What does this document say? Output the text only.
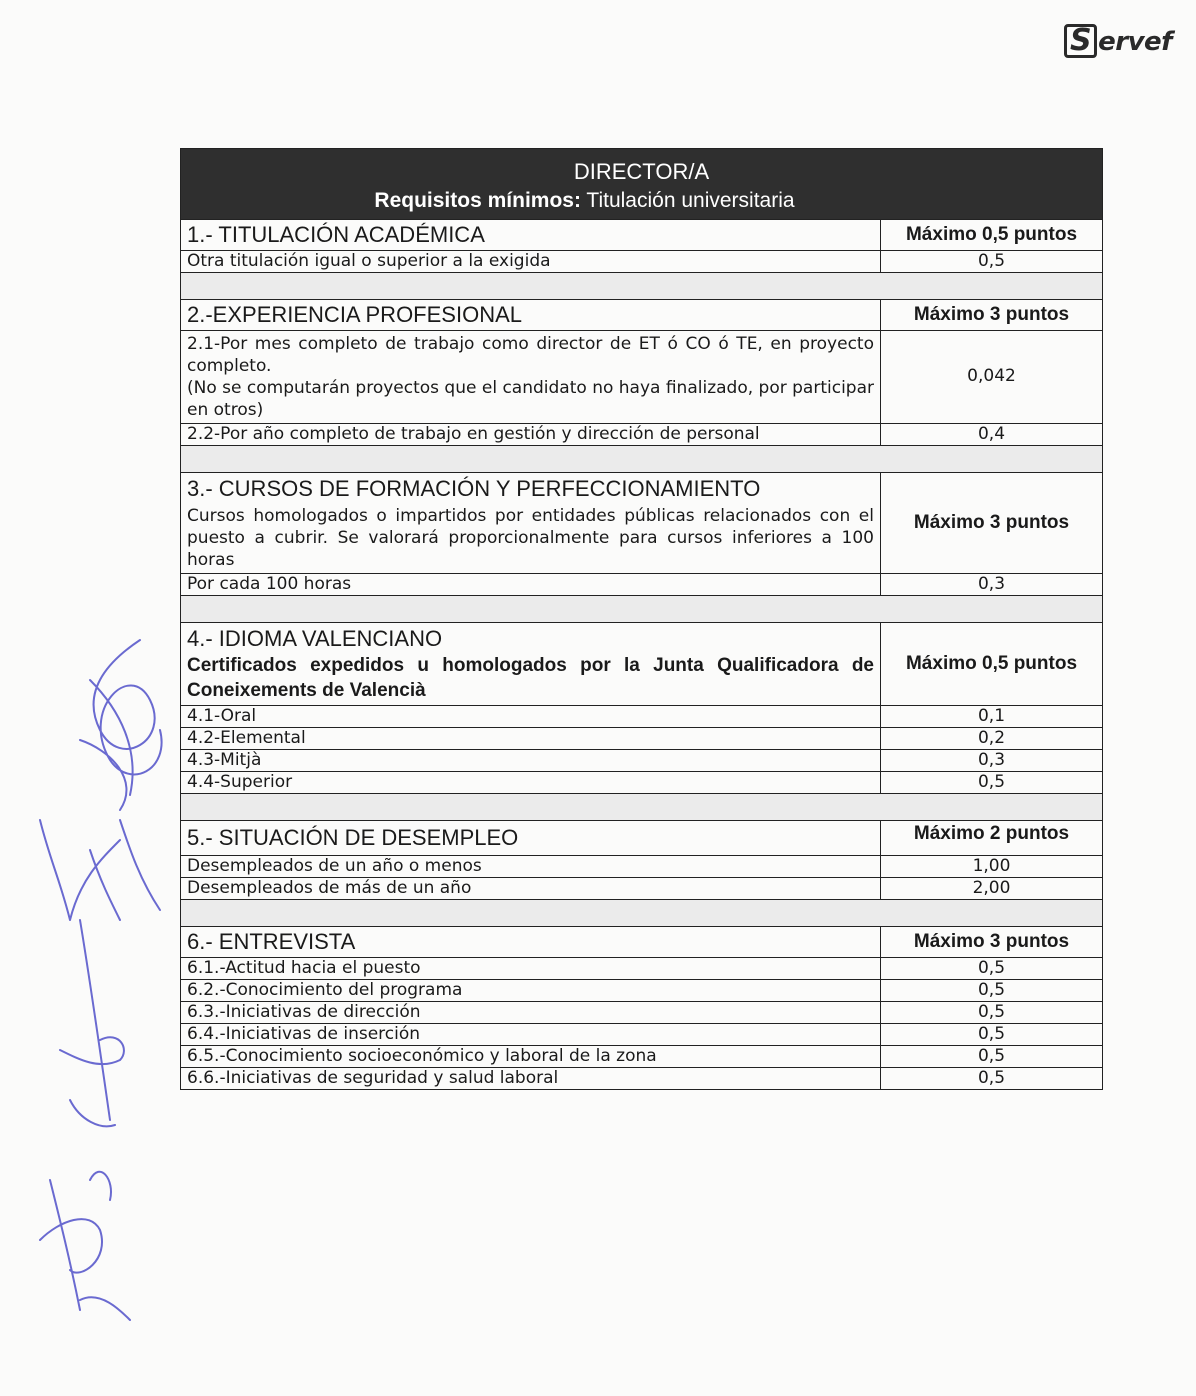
S ervef
DIRECTOR/A	
Requisitos mínimos: Titulación universitaria	
1.- TITULACIÓN ACADÉMICA	Máximo 0,5 puntos
Otra titulación igual o superior a la exigida	0,5

2.-EXPERIENCIA PROFESIONAL	Máximo 3 puntos

2.1-Por mes completo de trabajo como director de ET ó CO ó TE, en proyecto completo.
(No se computarán proyectos que el candidato no haya finalizado, por participar en otros)	0,042
2.2-Por año completo de trabajo en gestión y dirección de personal	0,4

3.- CURSOS DE FORMACIÓN Y PERFECCIONAMIENTO
Cursos homologados o impartidos por entidades públicas relacionados con el puesto a cubrir. Se valorará proporcionalmente para cursos inferiores a 100 horas	Máximo 3 puntos
Por cada 100 horas	0,3

4.- IDIOMA VALENCIANO
Certificados expedidos u homologados por la Junta Qualificadora de Coneixements de Valencià	Máximo 0,5 puntos
4.1-Oral	0,1
4.2-Elemental	0,2
4.3-Mitjà	0,3
4.4-Superior	0,5

5.- SITUACIÓN DE DESEMPLEO	Máximo 2 puntos
Desempleados de un año o menos	1,00
Desempleados de más de un año	2,00

6.- ENTREVISTA	Máximo 3 puntos
6.1.-Actitud hacia el puesto	0,5
6.2.-Conocimiento del programa	0,5
6.3.-Iniciativas de dirección	0,5
6.4.-Iniciativas de inserción	0,5
6.5.-Conocimiento socioeconómico y laboral de la zona	0,5
6.6.-Iniciativas de seguridad y salud laboral	0,5
